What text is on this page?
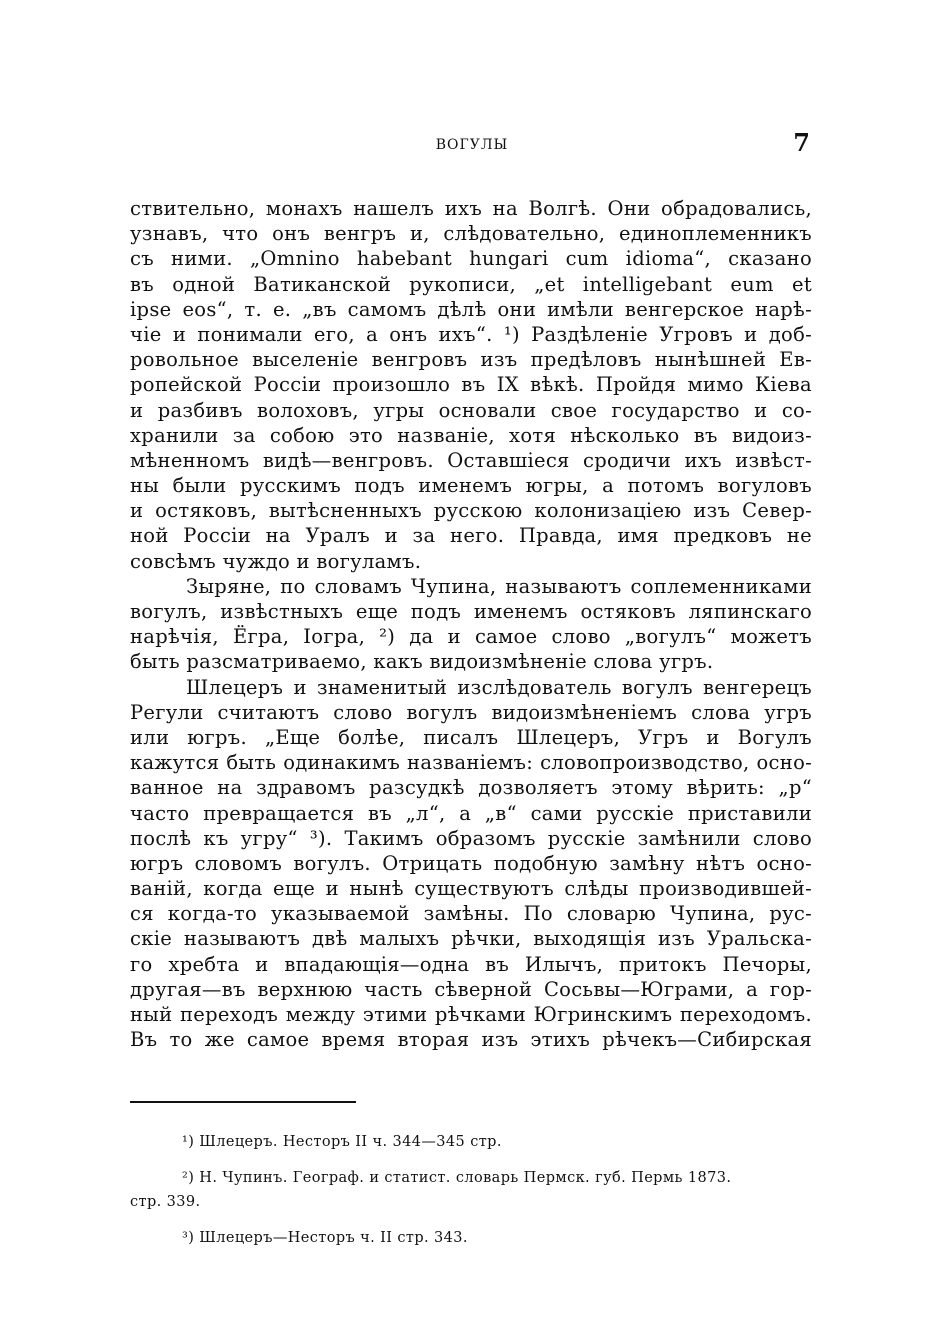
ВОГУЛЫ	7
ствительно, монахъ нашелъ ихъ на Волгѣ. Они обрадовались,
узнавъ, что онъ венгръ и, слѣдовательно, единоплеменникъ
съ ними. „Omnino habebant hungari cum idioma“, сказано
въ одной Ватиканской рукописи, „et intelligebant eum et
ipse eos“, т. е. „въ самомъ дѣлѣ они имѣли венгерское нарѣ-
чіе и понимали его, а онъ ихъ“. ¹) Раздѣленіе Угровъ и доб-
ровольное выселеніе венгровъ изъ предѣловъ нынѣшней Ев-
ропейской Россіи произошло въ IX вѣкѣ. Пройдя мимо Кіева
и разбивъ волоховъ, угры основали свое государство и со-
хранили за собою это названіе, хотя нѣсколько въ видоиз-
мѣненномъ видѣ—венгровъ. Оставшіеся сродичи ихъ извѣст-
ны были русскимъ подъ именемъ югры, а потомъ вогуловъ
и остяковъ, вытѣсненныхъ русскою колонизаціею изъ Север-
ной Россіи на Уралъ и за него. Правда, имя предковъ не
совсѣмъ чуждо и вогуламъ.
Зыряне, по словамъ Чупина, называютъ соплеменниками
вогулъ, извѣстныхъ еще подъ именемъ остяковъ ляпинскаго
нарѣчія, Ёгра, Іогра, ²) да и самое слово „вогулъ“ можетъ
быть разсматриваемо, какъ видоизмѣненіе слова угръ.
Шлецеръ и знаменитый изслѣдователь вогулъ венгерецъ
Регули считаютъ слово вогулъ видоизмѣненіемъ слова угръ
или югръ. „Еще болѣе, писалъ Шлецеръ, Угръ и Вогулъ
кажутся быть одинакимъ названіемъ: словопроизводство, осно-
ванное на здравомъ разсудкѣ дозволяетъ этому вѣрить: „р“
часто превращается въ „л“, а „в“ сами русскіе приставили
послѣ къ угру“ ³). Такимъ образомъ русскіе замѣнили слово
югръ словомъ вогулъ. Отрицать подобную замѣну нѣтъ осно-
ваній, когда еще и нынѣ существуютъ слѣды производившей-
ся когда-то указываемой замѣны. По словарю Чупина, рус-
скіе называютъ двѣ малыхъ рѣчки, выходящія изъ Уральска-
го хребта и впадающія—одна въ Илычъ, притокъ Печоры,
другая—въ верхнюю часть сѣверной Сосьвы—Юграми, а гор-
ный переходъ между этими рѣчками Югринскимъ переходомъ.
Въ то же самое время вторая изъ этихъ рѣчекъ—Сибирская
¹) Шлецеръ. Несторъ II ч. 344—345 стр.
²) Н. Чупинъ. Географ. и статист. словарь Пермск. губ. Пермь 1873.
стр. 339.
³) Шлецеръ—Несторъ ч. II стр. 343.
